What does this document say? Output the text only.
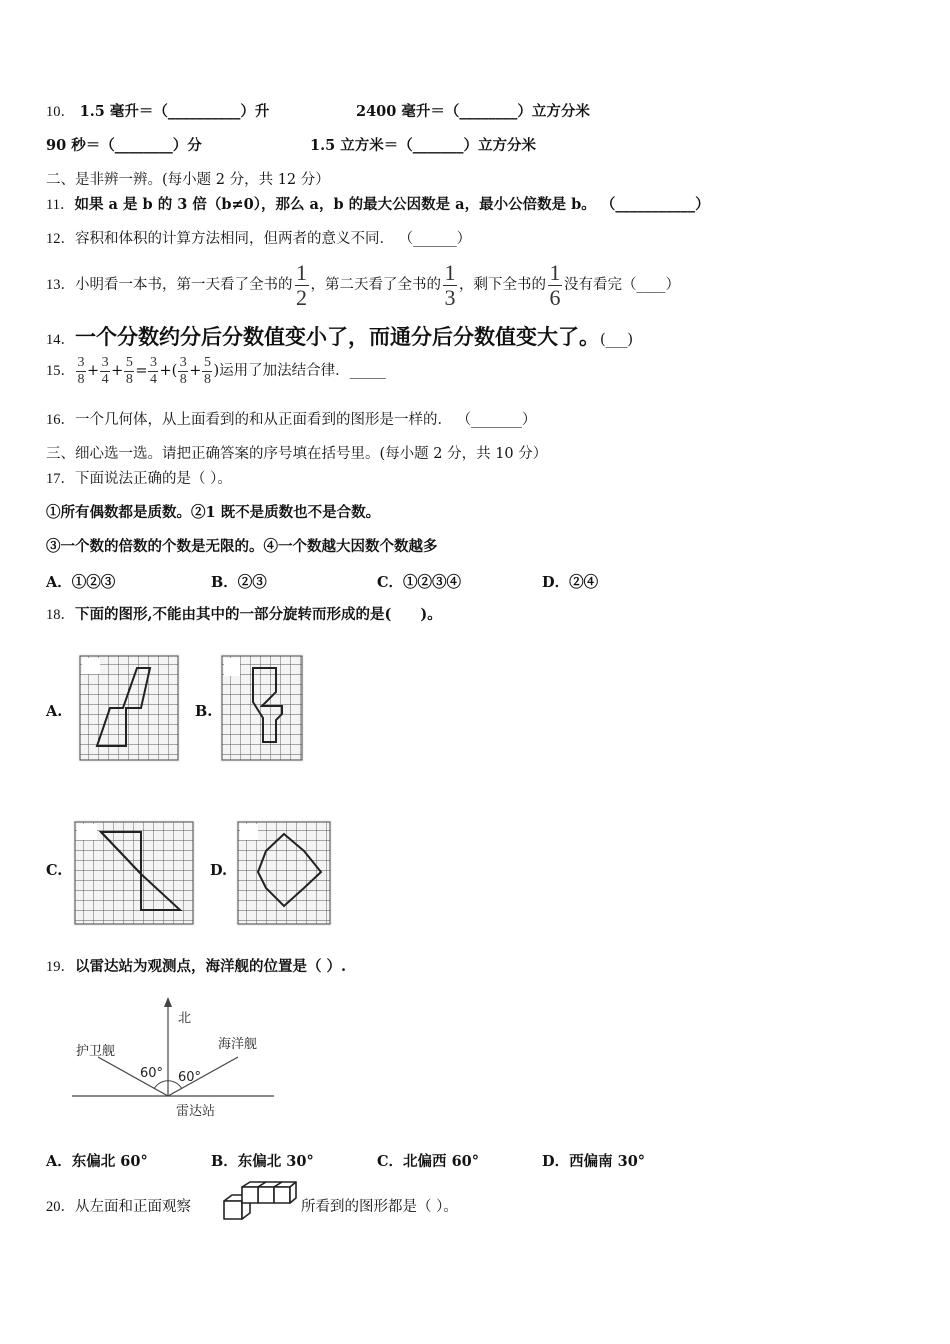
10． 1.5 毫升＝（__________）升	2400 毫升＝（________）立方分米
90 秒＝（________）分	1.5 立方米＝（_______）立方分米
二、是非辨一辨。(每小题 2 分，共 12 分）
11．如果 a 是 b 的 3 倍（b≠0），那么 a，b 的最大公因数是 a，最小公倍数是 b。 （___________）
12．容积和体积的计算方法相同，但两者的意义不同． （______）
13．小明看一本书，第一天看了全书的 $\frac{1}{2}$ ，第二天看了全书的 $\frac{1}{3}$ ，剩下全书的 $\frac{1}{6}$ 没有看完（____）
14．一个分数约分后分数值变小了，而通分后分数值变大了。(___)
15． $\frac{3}{8} + \frac{3}{4} + \frac{5}{8} = \frac{3}{4}$ +( $\frac{3}{8} + \frac{5}{8}$ )运用了加法结合律．_____
16．一个几何体，从上面看到的和从正面看到的图形是一样的． （_______）
三、细心选一选。请把正确答案的序号填在括号里。(每小题 2 分，共 10 分）
17．下面说法正确的是（ ）。
①所有偶数都是质数。②1 既不是质数也不是合数。
③一个数的倍数的个数是无限的。④一个数越大因数个数越多
A．①②③	B．②③	C．①②③④	D．②④
18．下面的图形,不能由其中的一部分旋转而形成的是(　　)。
A.	B.
C.	D.
19．以雷达站为观测点，海洋舰的位置是（ ）.
北
护卫舰	海洋舰
60° 60°
雷达站
A．东偏北 60°	B．东偏北 30°	C．北偏西 60°	D．西偏南 30°
20．从左面和正面观察	所看到的图形都是（ ）。
